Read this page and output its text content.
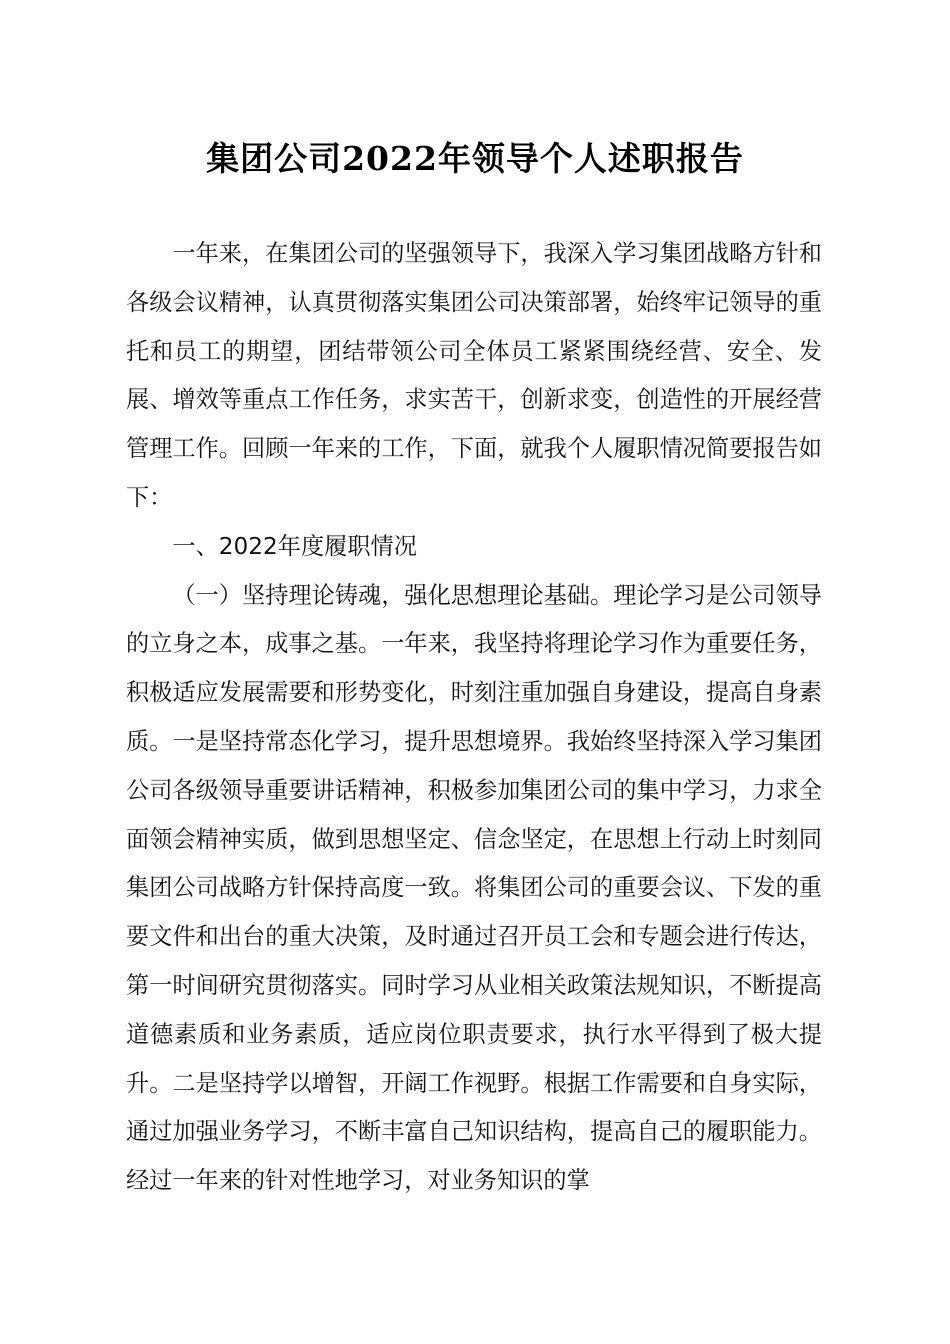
集团公司2022年领导个人述职报告

一年来，在集团公司的坚强领导下，我深入学习集团战略方针和各级会议精神，认真贯彻落实集团公司决策部署，始终牢记领导的重托和员工的期望，团结带领公司全体员工紧紧围绕经营、安全、发展、增效等重点工作任务，求实苦干，创新求变，创造性的开展经营管理工作。回顾一年来的工作，下面，就我个人履职情况简要报告如下：

一、2022年度履职情况

（一）坚持理论铸魂，强化思想理论基础。理论学习是公司领导的立身之本，成事之基。一年来，我坚持将理论学习作为重要任务，积极适应发展需要和形势变化，时刻注重加强自身建设，提高自身素质。一是坚持常态化学习，提升思想境界。我始终坚持深入学习集团公司各级领导重要讲话精神，积极参加集团公司的集中学习，力求全面领会精神实质，做到思想坚定、信念坚定，在思想上行动上时刻同集团公司战略方针保持高度一致。将集团公司的重要会议、下发的重要文件和出台的重大决策，及时通过召开员工会和专题会进行传达，第一时间研究贯彻落实。同时学习从业相关政策法规知识，不断提高道德素质和业务素质，适应岗位职责要求，执行水平得到了极大提升。二是坚持学以增智，开阔工作视野。根据工作需要和自身实际，通过加强业务学习，不断丰富自己知识结构，提高自己的履职能力。经过一年来的针对性地学习，对业务知识的掌
